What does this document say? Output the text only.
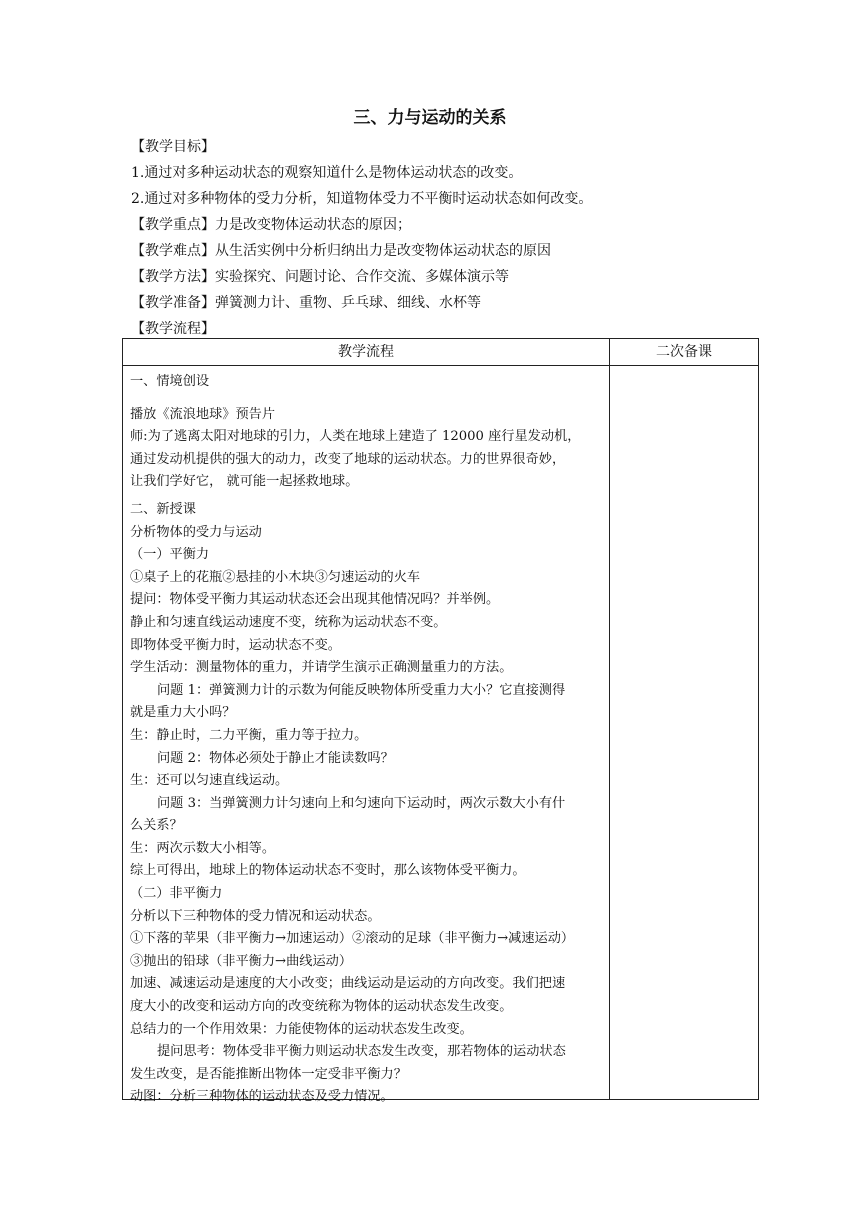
三、力与运动的关系
【教学目标】
1.通过对多种运动状态的观察知道什么是物体运动状态的改变。
2.通过对多种物体的受力分析，知道物体受力不平衡时运动状态如何改变。
【教学重点】力是改变物体运动状态的原因；
【教学难点】从生活实例中分析归纳出力是改变物体运动状态的原因
【教学方法】实验探究、问题讨论、合作交流、多媒体演示等
【教学准备】弹簧测力计、重物、乒乓球、细线、水杯等
【教学流程】
教学流程	二次备课
一、情境创设
播放《流浪地球》预告片
师:为了逃离太阳对地球的引力，人类在地球上建造了 12000 座行星发动机，
通过发动机提供的强大的动力，改变了地球的运动状态。力的世界很奇妙，
让我们学好它， 就可能一起拯救地球。
二、新授课
分析物体的受力与运动
（一）平衡力
①桌子上的花瓶②悬挂的小木块③匀速运动的火车
提问：物体受平衡力其运动状态还会出现其他情况吗？并举例。
静止和匀速直线运动速度不变，统称为运动状态不变。
即物体受平衡力时，运动状态不变。
学生活动：测量物体的重力，并请学生演示正确测量重力的方法。
问题 1：弹簧测力计的示数为何能反映物体所受重力大小？它直接测得
就是重力大小吗？
生：静止时，二力平衡，重力等于拉力。
问题 2：物体必须处于静止才能读数吗？
生：还可以匀速直线运动。
问题 3：当弹簧测力计匀速向上和匀速向下运动时，两次示数大小有什
么关系？
生：两次示数大小相等。
综上可得出，地球上的物体运动状态不变时，那么该物体受平衡力。
（二）非平衡力
分析以下三种物体的受力情况和运动状态。
①下落的苹果（非平衡力→加速运动）②滚动的足球（非平衡力→减速运动）
③抛出的铅球（非平衡力→曲线运动）
加速、减速运动是速度的大小改变；曲线运动是运动的方向改变。我们把速
度大小的改变和运动方向的改变统称为物体的运动状态发生改变。
总结力的一个作用效果：力能使物体的运动状态发生改变。
提问思考：物体受非平衡力则运动状态发生改变，那若物体的运动状态
发生改变，是否能推断出物体一定受非平衡力？
动图：分析三种物体的运动状态及受力情况。
